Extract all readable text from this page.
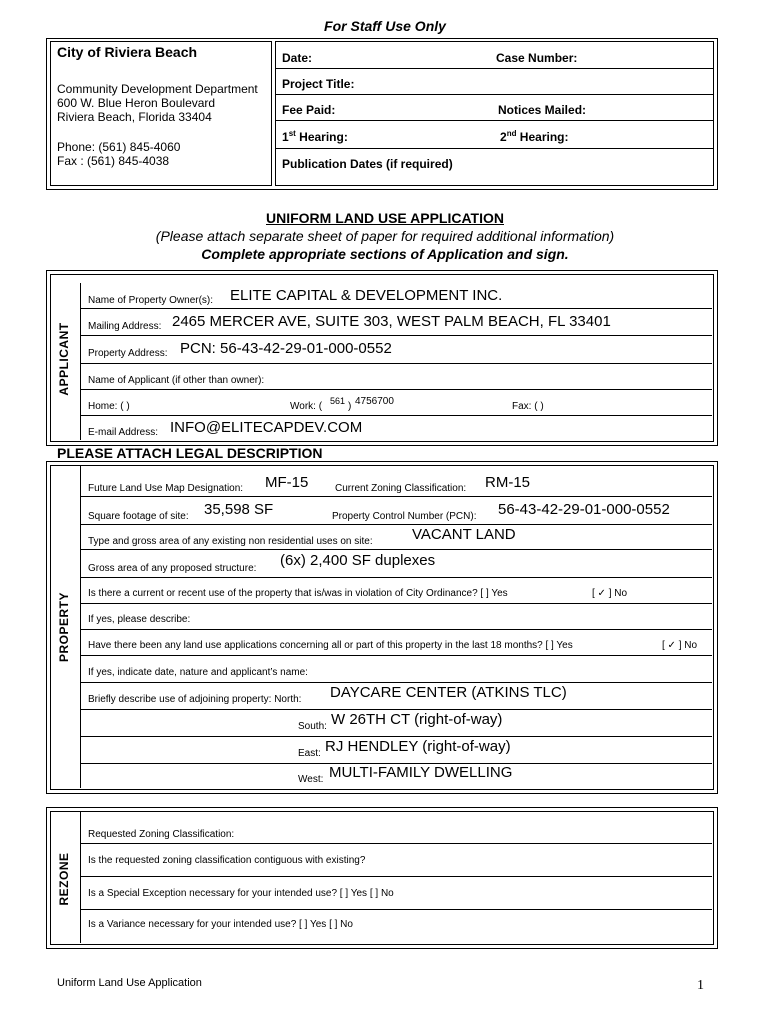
For Staff Use Only
City of Riviera Beach
Community Development Department
600 W. Blue Heron Boulevard
Riviera Beach, Florida 33404
Phone: (561) 845-4060
Fax : (561) 845-4038
Date:	Case Number:
Project Title:
Fee Paid:	Notices Mailed:
1st Hearing:	2nd Hearing:
Publication Dates (if required)
UNIFORM LAND USE APPLICATION
(Please attach separate sheet of paper for required additional information)
Complete appropriate sections of Application and sign.
APPLICANT
Name of Property Owner(s): ELITE CAPITAL & DEVELOPMENT INC.
Mailing Address: 2465 MERCER AVE, SUITE 303, WEST PALM BEACH, FL 33401
Property Address: PCN: 56-43-42-29-01-000-0552
Name of Applicant (if other than owner):
Home: ( )	Work: ( 561 ) 4756700	Fax: ( )
E-mail Address: INFO@ELITECAPDEV.COM
PLEASE ATTACH LEGAL DESCRIPTION
PROPERTY
Future Land Use Map Designation: MF-15	Current Zoning Classification: RM-15
Square footage of site: 35,598 SF	Property Control Number (PCN): 56-43-42-29-01-000-0552
Type and gross area of any existing non residential uses on site:	VACANT LAND
Gross area of any proposed structure: (6x) 2,400 SF duplexes
Is there a current or recent use of the property that is/was in violation of City Ordinance? [ ] Yes	[ ✓ ] No
If yes, please describe:
Have there been any land use applications concerning all or part of this property in the last 18 months? [ ] Yes	[ ✓ ] No
If yes, indicate date, nature and applicant’s name:
Briefly describe use of adjoining property: North: DAYCARE CENTER (ATKINS TLC)
South: W 26TH CT (right-of-way)
East: RJ HENDLEY (right-of-way)
West: MULTI-FAMILY DWELLING
REZONE
Requested Zoning Classification:
Is the requested zoning classification contiguous with existing?
Is a Special Exception necessary for your intended use? [ ] Yes [ ] No
Is a Variance necessary for your intended use? [ ] Yes [ ] No
Uniform Land Use Application	1
